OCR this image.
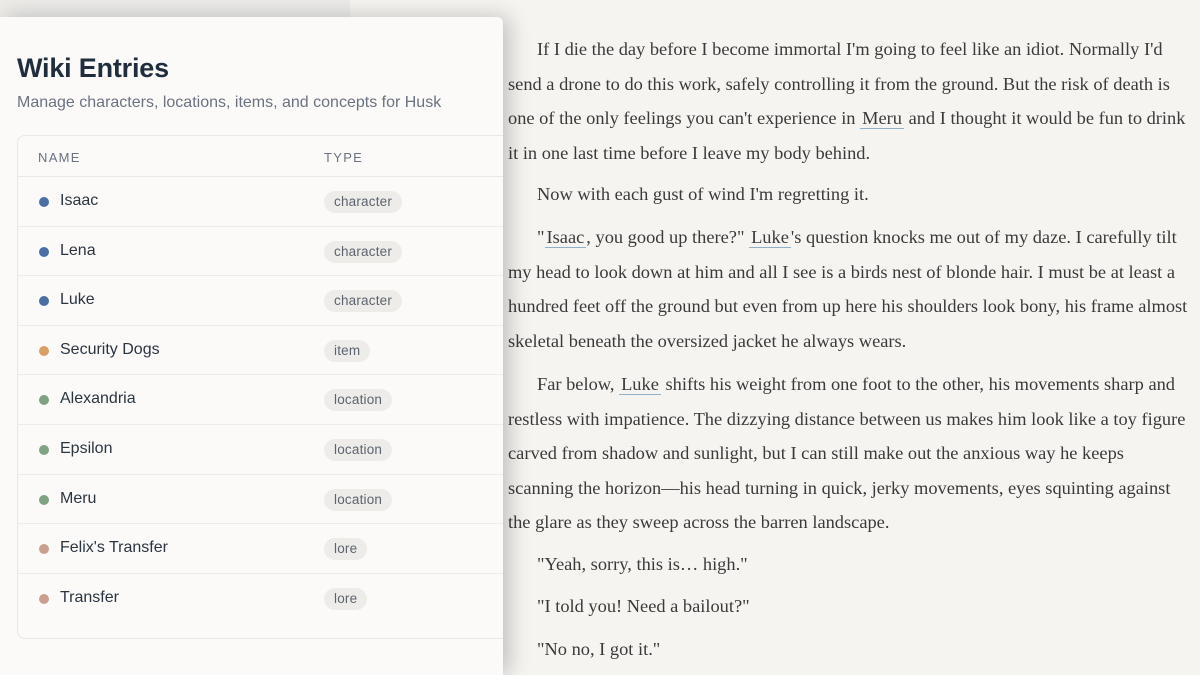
Wiki Entries

Manage characters, locations, items, and concepts for Husk

NAME	TYPE
Isaac	character
Lena	character
Luke	character
Security Dogs	item
Alexandria	location
Epsilon	location
Meru	location
Felix's Transfer	lore
Transfer	lore

If I die the day before I become immortal I'm going to feel like an idiot. Normally I'd send a drone to do this work, safely controlling it from the ground. But the risk of death is one of the only feelings you can't experience in Meru and I thought it would be fun to drink it in one last time before I leave my body behind.

Now with each gust of wind I'm regretting it.

" Isaac , you good up there?" Luke 's question knocks me out of my daze. I carefully tilt my head to look down at him and all I see is a birds nest of blonde hair. I must be at least a hundred feet off the ground but even from up here his shoulders look bony, his frame almost skeletal beneath the oversized jacket he always wears.

Far below, Luke shifts his weight from one foot to the other, his movements sharp and restless with impatience. The dizzying distance between us makes him look like a toy figure carved from shadow and sunlight, but I can still make out the anxious way he keeps scanning the horizon—his head turning in quick, jerky movements, eyes squinting against the glare as they sweep across the barren landscape.

"Yeah, sorry, this is… high."

"I told you! Need a bailout?"

"No no, I got it."
